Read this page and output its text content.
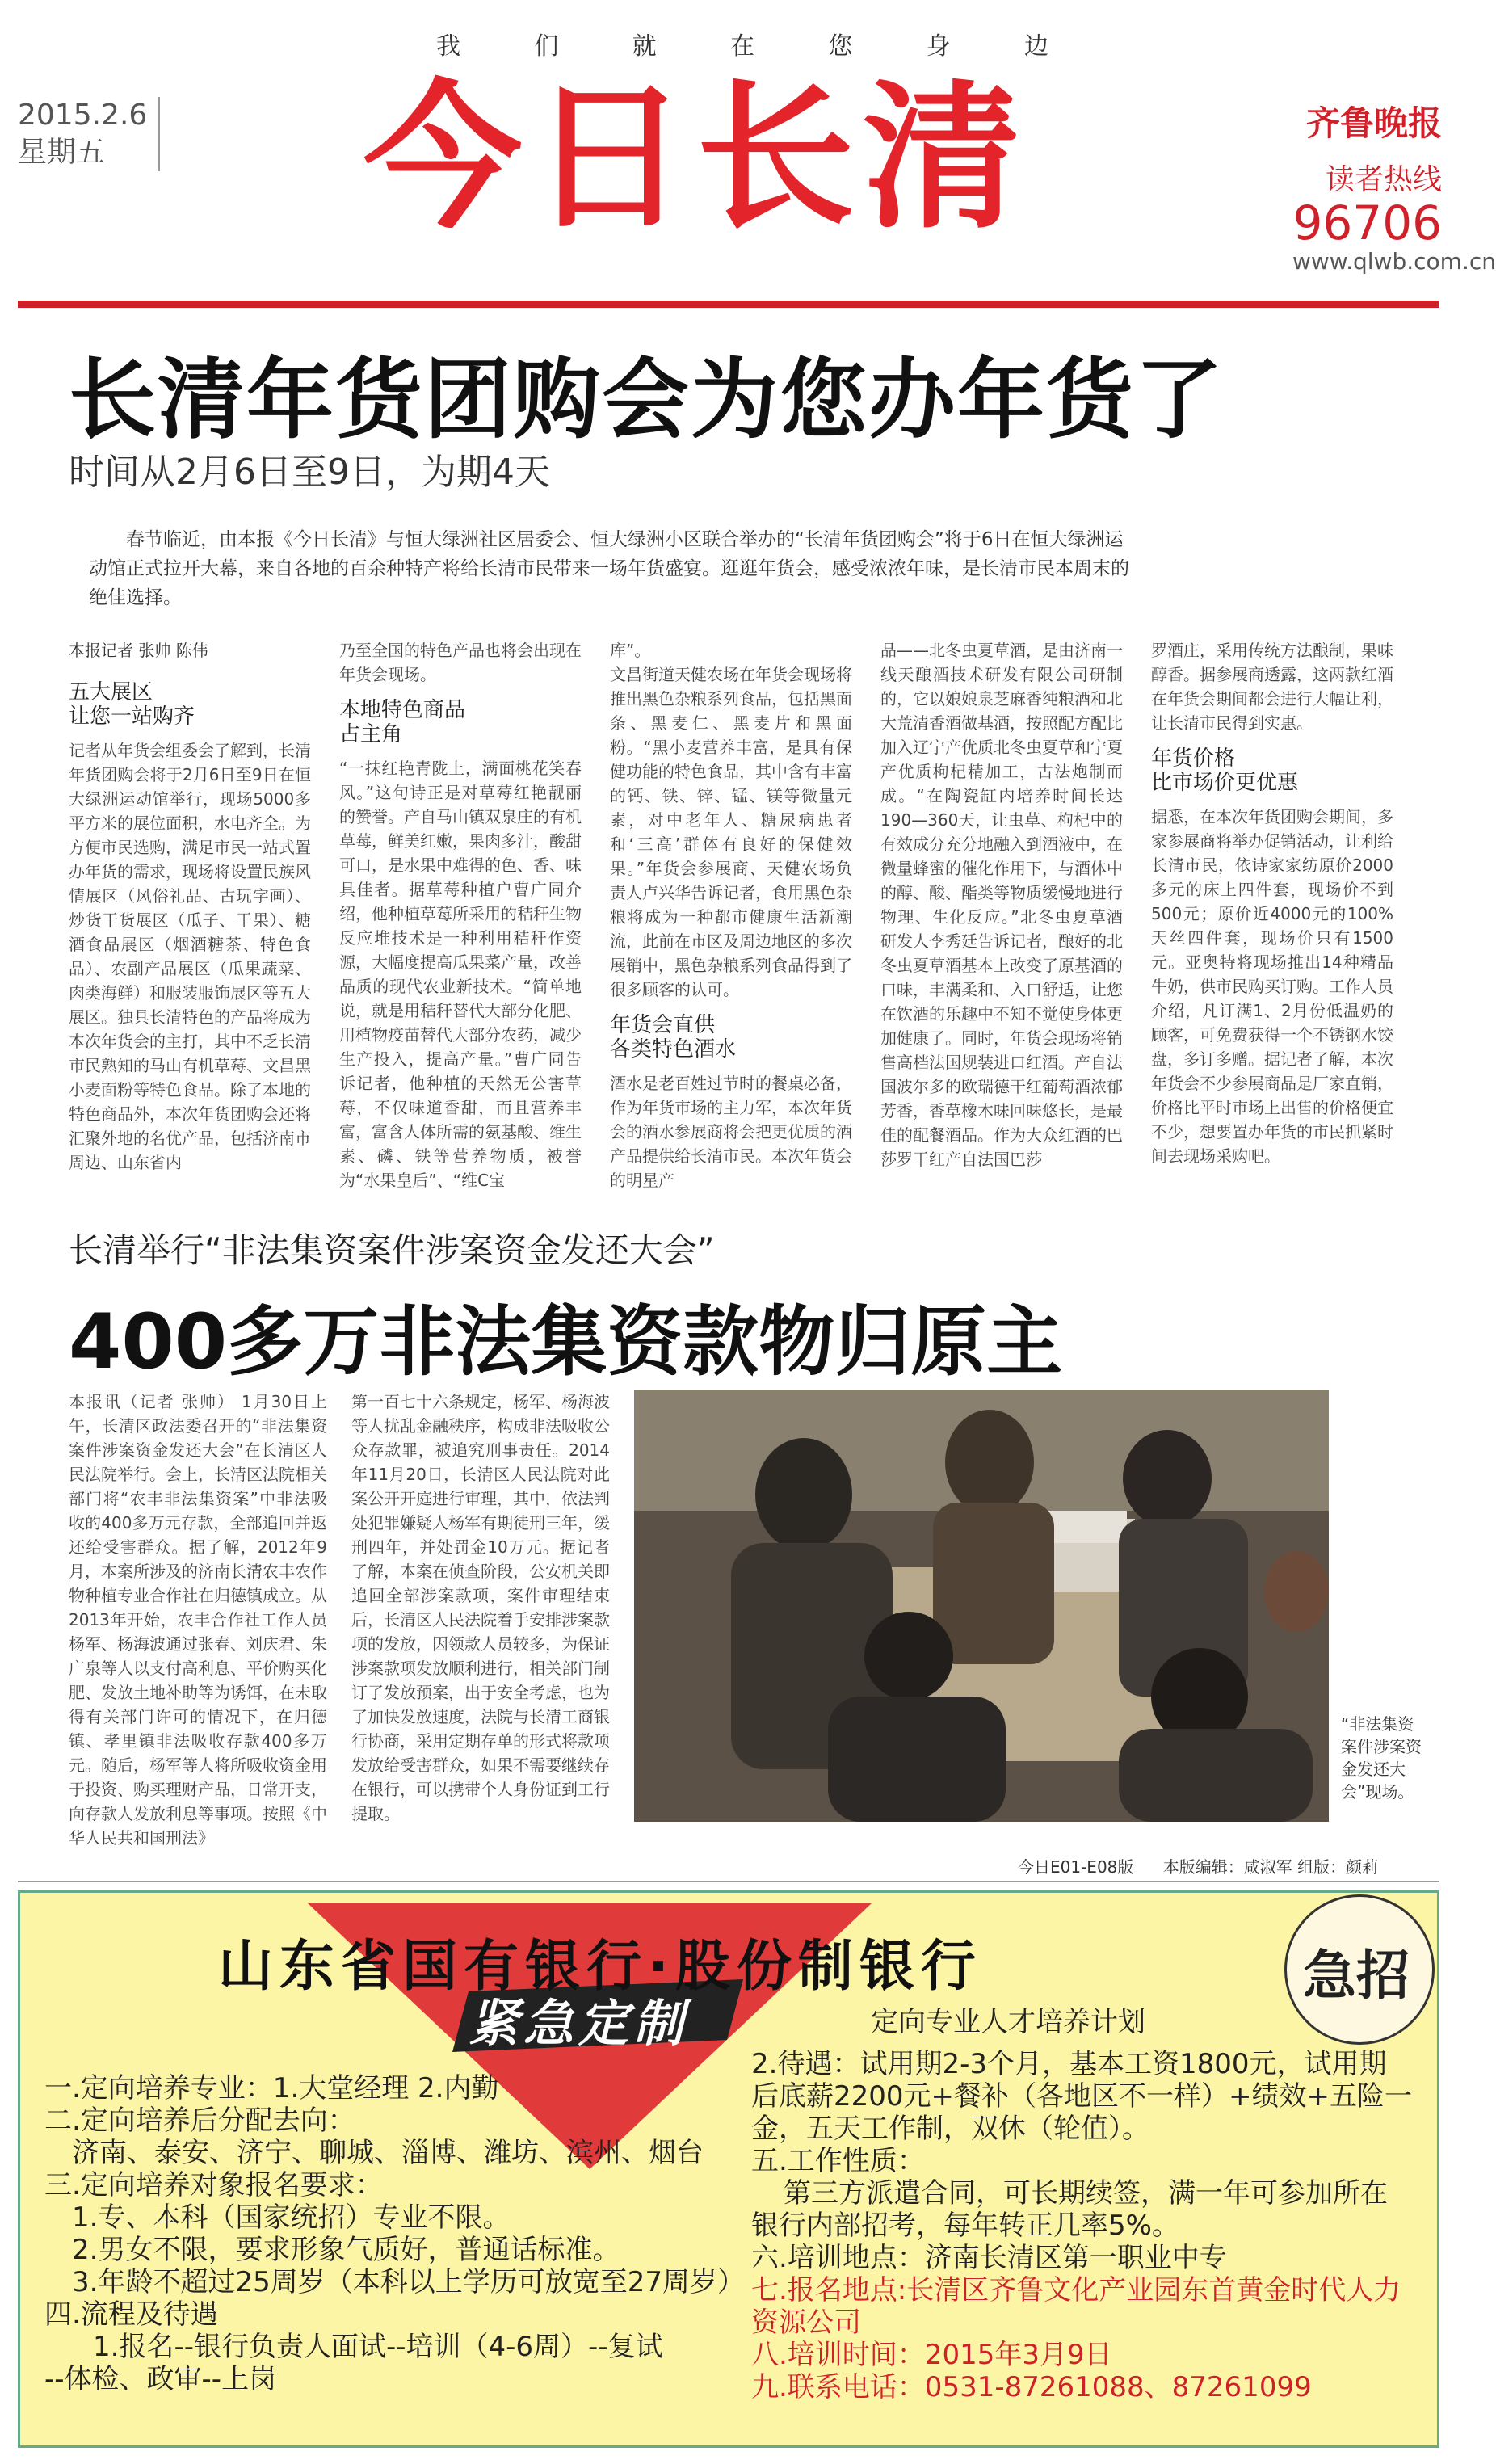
我	们	就	在	您	身	边
2015.2.6
星期五 今日长清	齐鲁晚报
读者热线
96706
www.qlwb.com.cn
长清年货团购会为您办年货了
时间从2月6日至9日，为期4天
春节临近，由本报《今日长清》与恒大绿洲社区居委会、恒大绿洲小区联合举办的“长清年货团购会”将于6日在恒大绿洲运动馆正式拉开大幕，来自各地的百余种特产将给长清市民带来一场年货盛宴。逛逛年货会，感受浓浓年味，是长清市民本周末的绝佳选择。
本报记者 张帅 陈伟
五大展区
让您一站购齐
记者从年货会组委会了解到，长清年货团购会将于2月6日至9日在恒大绿洲运动馆举行，现场5000多平方米的展位面积，水电齐全。为方便市民选购，满足市民一站式置办年货的需求，现场将设置民族风情展区（风俗礼品、古玩字画）、炒货干货展区（瓜子、干果）、糖酒食品展区（烟酒糖茶、特色食品）、农副产品展区（瓜果蔬菜、肉类海鲜）和服装服饰展区等五大展区。独具长清特色的产品将成为本次年货会的主打，其中不乏长清市民熟知的马山有机草莓、文昌黑小麦面粉等特色食品。除了本地的特色商品外，本次年货团购会还将汇聚外地的名优产品，包括济南市周边、山东省内
乃至全国的特色产品也将会出现在年货会现场。
本地特色商品
占主角
“一抹红艳青陇上，满面桃花笑春风。”这句诗正是对草莓红艳靓丽的赞誉。产自马山镇双泉庄的有机草莓，鲜美红嫩，果肉多汁，酸甜可口，是水果中难得的色、香、味具佳者。据草莓种植户曹广同介绍，他种植草莓所采用的秸秆生物反应堆技术是一种利用秸秆作资源，大幅度提高瓜果菜产量，改善品质的现代农业新技术。“简单地说，就是用秸秆替代大部分化肥、用植物疫苗替代大部分农药，减少生产投入，提高产量。”曹广同告诉记者，他种植的天然无公害草莓，不仅味道香甜，而且营养丰富，富含人体所需的氨基酸、维生素、磷、铁等营养物质，被誉为“水果皇后”、“维C宝
库”。
文昌街道天健农场在年货会现场将推出黑色杂粮系列食品，包括黑面条、黑麦仁、黑麦片和黑面粉。“黑小麦营养丰富，是具有保健功能的特色食品，其中含有丰富的钙、铁、锌、锰、镁等微量元素，对中老年人、糖尿病患者和‘三高’群体有良好的保健效果。”年货会参展商、天健农场负责人卢兴华告诉记者，食用黑色杂粮将成为一种都市健康生活新潮流，此前在市区及周边地区的多次展销中，黑色杂粮系列食品得到了很多顾客的认可。
年货会直供
各类特色酒水
酒水是老百姓过节时的餐桌必备，作为年货市场的主力军，本次年货会的酒水参展商将会把更优质的酒产品提供给长清市民。本次年货会的明星产
品——北冬虫夏草酒，是由济南一线天酿酒技术研发有限公司研制的，它以娘娘泉芝麻香纯粮酒和北大荒清香酒做基酒，按照配方配比加入辽宁产优质北冬虫夏草和宁夏产优质枸杞精加工，古法炮制而成。“在陶瓷缸内培养时间长达190—360天，让虫草、枸杞中的有效成分充分地融入到酒液中，在微量蜂蜜的催化作用下，与酒体中的醇、酸、酯类等物质缓慢地进行物理、生化反应。”北冬虫夏草酒研发人李秀廷告诉记者，酿好的北冬虫夏草酒基本上改变了原基酒的口味，丰满柔和、入口舒适，让您在饮酒的乐趣中不知不觉使身体更加健康了。同时，年货会现场将销售高档法国规装进口红酒。产自法国波尔多的欧瑞德干红葡萄酒浓郁芳香，香草橡木味回味悠长，是最佳的配餐酒品。作为大众红酒的巴莎罗干红产自法国巴莎
罗酒庄，采用传统方法酿制，果味醇香。据参展商透露，这两款红酒在年货会期间都会进行大幅让利，让长清市民得到实惠。
年货价格
比市场价更优惠
据悉，在本次年货团购会期间，多家参展商将举办促销活动，让利给长清市民，依诗家家纺原价2000多元的床上四件套，现场价不到500元；原价近4000元的100%天丝四件套，现场价只有1500元。亚奥特将现场推出14种精品牛奶，供市民购买订购。工作人员介绍，凡订满1、2月份低温奶的顾客，可免费获得一个不锈钢水饺盘，多订多赠。据记者了解，本次年货会不少参展商品是厂家直销，价格比平时市场上出售的价格便宜不少，想要置办年货的市民抓紧时间去现场采购吧。
长清举行“非法集资案件涉案资金发还大会”
400多万非法集资款物归原主
本报讯（记者 张帅） 1月30日上午，长清区政法委召开的“非法集资案件涉案资金发还大会”在长清区人民法院举行。会上，长清区法院相关部门将“农丰非法集资案”中非法吸收的400多万元存款，全部追回并返还给受害群众。据了解，2012年9月，本案所涉及的济南长清农丰农作物种植专业合作社在归德镇成立。从2013年开始，农丰合作社工作人员杨军、杨海波通过张春、刘庆君、朱广泉等人以支付高利息、平价购买化肥、发放土地补助等为诱饵，在未取得有关部门许可的情况下，在归德镇、孝里镇非法吸收存款400多万元。随后，杨军等人将所吸收资金用于投资、购买理财产品，日常开支，向存款人发放利息等事项。按照《中华人民共和国刑法》
第一百七十六条规定，杨军、杨海波等人扰乱金融秩序，构成非法吸收公众存款罪，被追究刑事责任。2014年11月20日，长清区人民法院对此案公开开庭进行审理，其中，依法判处犯罪嫌疑人杨军有期徒刑三年，缓刑四年，并处罚金10万元。据记者了解，本案在侦查阶段，公安机关即追回全部涉案款项，案件审理结束后，长清区人民法院着手安排涉案款项的发放，因领款人员较多，为保证涉案款项发放顺利进行，相关部门制订了发放预案，出于安全考虑，也为了加快发放速度，法院与长清工商银行协商，采用定期存单的形式将款项发放给受害群众，如果不需要继续存在银行，可以携带个人身份证到工行提取。
“非法集资案件涉案资金发还大会”现场。
今日E01-E08版 本版编辑：咸淑军 组版：颜莉
紧急定制
山东省国有银行·股份制银行	急招
定向专业人才培养计划
一.定向培养专业：1.大堂经理 2.内勤
二.定向培养后分配去向：
济南、泰安、济宁、聊城、淄博、潍坊、滨州、烟台
三.定向培养对象报名要求：
1.专、本科（国家统招）专业不限。
2.男女不限，要求形象气质好，普通话标准。
3.年龄不超过25周岁（本科以上学历可放宽至27周岁）
四.流程及待遇
1.报名--银行负责人面试--培训（4-6周）--复试
--体检、政审--上岗
2.待遇：试用期2-3个月，基本工资1800元，试用期
后底薪2200元+餐补（各地区不一样）+绩效+五险一
金，五天工作制，双休（轮值）。
五.工作性质：
第三方派遣合同，可长期续签，满一年可参加所在
银行内部招考，每年转正几率5%。
六.培训地点：济南长清区第一职业中专
七.报名地点:长清区齐鲁文化产业园东首黄金时代人力
资源公司
八.培训时间：2015年3月9日
九.联系电话：0531-87261088、87261099
